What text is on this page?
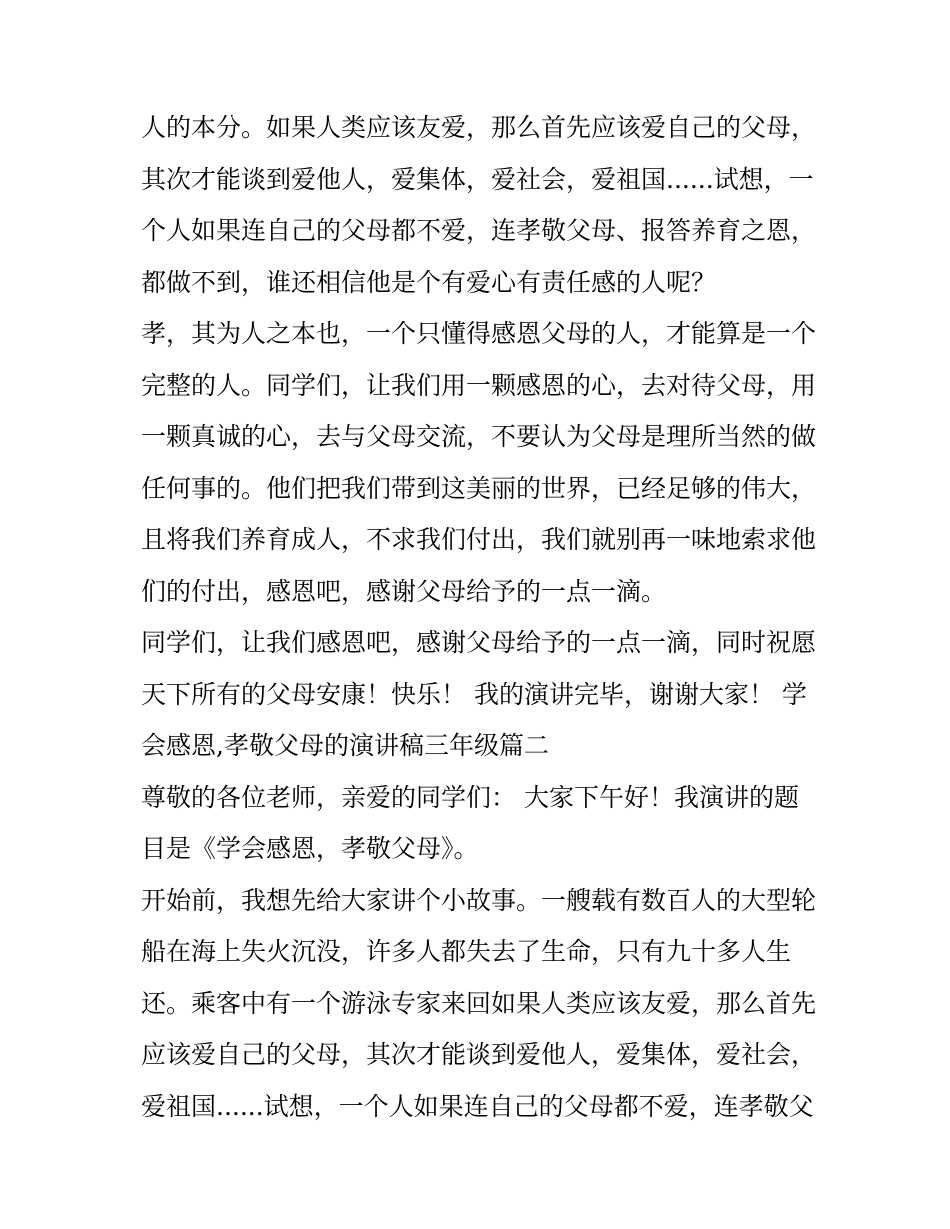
人的本分。如果人类应该友爱，那么首先应该爱自己的父母，
其次才能谈到爱他人，爱集体，爱社会，爱祖国......试想，一
个人如果连自己的父母都不爱，连孝敬父母、报答养育之恩，
都做不到，谁还相信他是个有爱心有责任感的人呢？
孝，其为人之本也，一个只懂得感恩父母的人，才能算是一个
完整的人。同学们，让我们用一颗感恩的心，去对待父母，用
一颗真诚的心，去与父母交流，不要认为父母是理所当然的做
任何事的。他们把我们带到这美丽的世界，已经足够的伟大，
且将我们养育成人，不求我们付出，我们就别再一味地索求他
们的付出，感恩吧，感谢父母给予的一点一滴。
同学们，让我们感恩吧，感谢父母给予的一点一滴，同时祝愿
天下所有的父母安康！快乐！ 我的演讲完毕，谢谢大家！ 学
会感恩,孝敬父母的演讲稿三年级篇二
尊敬的各位老师，亲爱的同学们： 大家下午好！我演讲的题
目是《学会感恩，孝敬父母》。
开始前，我想先给大家讲个小故事。一艘载有数百人的大型轮
船在海上失火沉没，许多人都失去了生命，只有九十多人生
还。乘客中有一个游泳专家来回如果人类应该友爱，那么首先
应该爱自己的父母，其次才能谈到爱他人，爱集体，爱社会，
爱祖国......试想，一个人如果连自己的父母都不爱，连孝敬父
